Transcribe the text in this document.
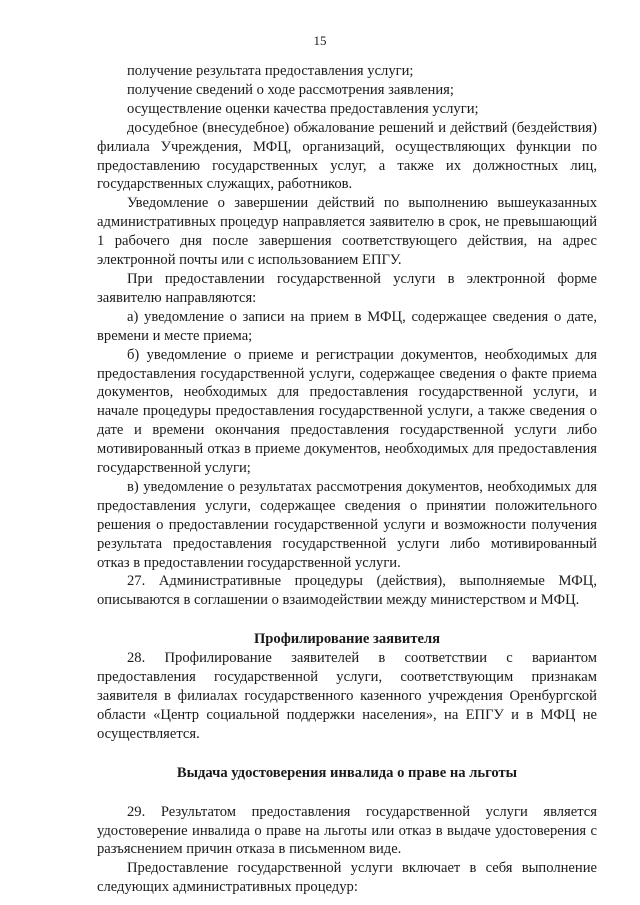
15

получение результата предоставления услуги;

получение сведений о ходе рассмотрения заявления;

осуществление оценки качества предоставления услуги;

досудебное (внесудебное) обжалование решений и действий (бездействия) филиала Учреждения, МФЦ, организаций, осуществляющих функции по предоставлению государственных услуг, а также их должностных лиц, государственных служащих, работников.

Уведомление о завершении действий по выполнению вышеуказанных административных процедур направляется заявителю в срок, не превышающий 1 рабочего дня после завершения соответствующего действия, на адрес электронной почты или с использованием ЕПГУ.

При предоставлении государственной услуги в электронной форме заявителю направляются:

а) уведомление о записи на прием в МФЦ, содержащее сведения о дате, времени и месте приема;

б) уведомление о приеме и регистрации документов, необходимых для предоставления государственной услуги, содержащее сведения о факте приема документов, необходимых для предоставления государственной услуги, и начале процедуры предоставления государственной услуги, а также сведения о дате и времени окончания предоставления государственной услуги либо мотивированный отказ в приеме документов, необходимых для предоставления государственной услуги;

в) уведомление о результатах рассмотрения документов, необходимых для предоставления услуги, содержащее сведения о принятии положительного решения о предоставлении государственной услуги и возможности получения результата предоставления государственной услуги либо мотивированный отказ в предоставлении государственной услуги.

27. Административные процедуры (действия), выполняемые МФЦ, описываются в соглашении о взаимодействии между министерством и МФЦ.

Профилирование заявителя

28. Профилирование заявителей в соответствии с вариантом предоставления государственной услуги, соответствующим признакам заявителя в филиалах государственного казенного учреждения Оренбургской области «Центр социальной поддержки населения», на ЕПГУ и в МФЦ не осуществляется.

Выдача удостоверения инвалида о праве на льготы

29. Результатом предоставления государственной услуги является удостоверение инвалида о праве на льготы или отказ в выдаче удостоверения с разъяснением причин отказа в письменном виде.

Предоставление государственной услуги включает в себя выполнение следующих административных процедур:
